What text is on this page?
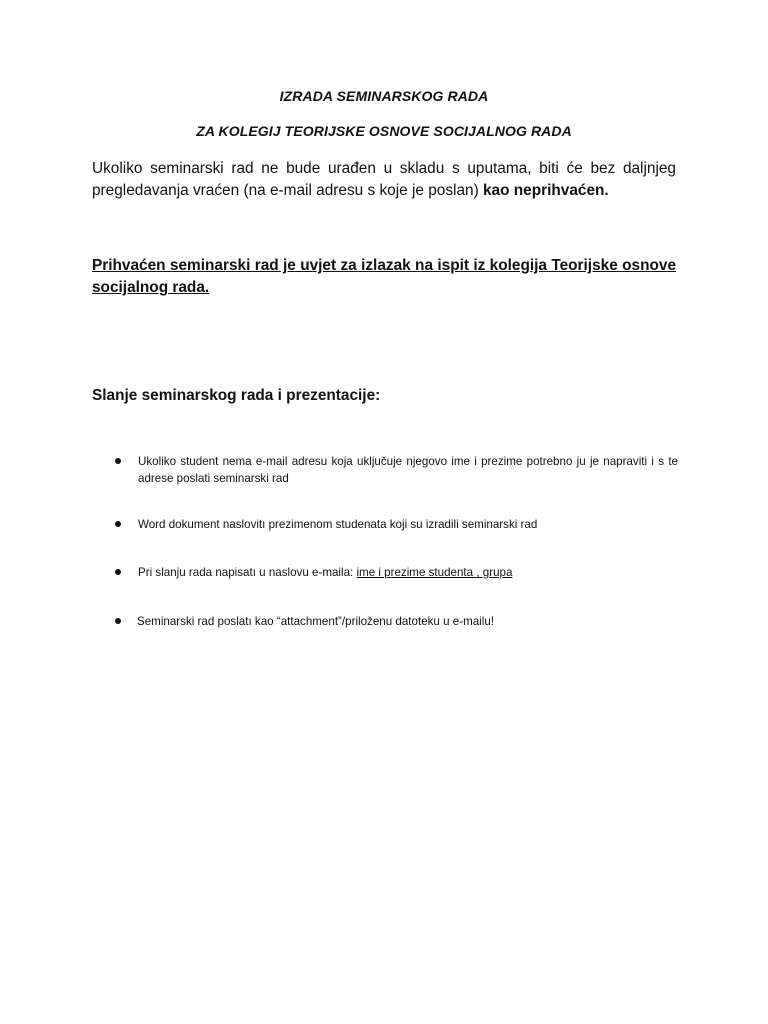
IZRADA SEMINARSKOG RADA
ZA KOLEGIJ TEORIJSKE OSNOVE SOCIJALNOG RADA

Ukoliko seminarski rad ne bude urađen u skladu s uputama, biti će bez daljnjeg pregledavanja vraćen (na e-mail adresu s koje je poslan) kao neprihvaćen.

Prihvaćen seminarski rad je uvjet za izlazak na ispit iz kolegija Teorijske osnove socijalnog rada.

Slanje seminarskog rada i prezentacije:
Ukoliko student nema e-mail adresu koja uključuje njegovo ime i prezime potrebno ju je napraviti i s te adrese poslati seminarski rad
Word dokument naslovitı prezimenom studenata koji su izradili seminarski rad
Pri slanju rada napisatı u naslovu e-maila: ime i prezime studenta , grupa
Seminarski rad poslatı kao “attachment”/priloženu datoteku u e-mailu!
